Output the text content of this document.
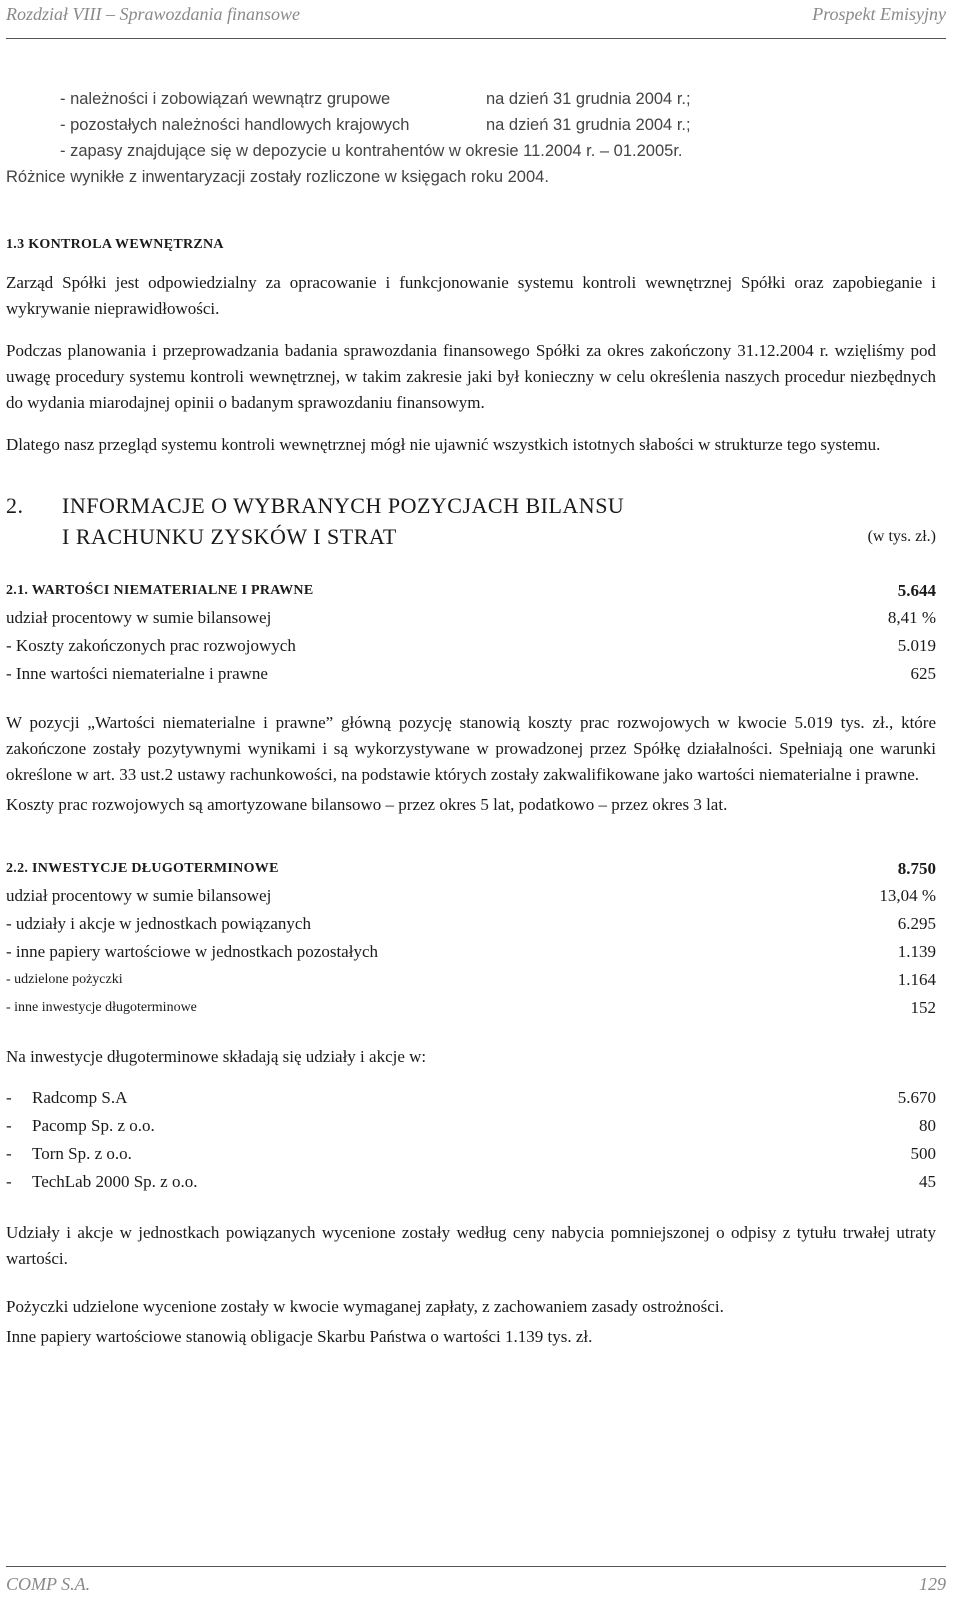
Rozdział VIII – Sprawozdania finansowe	Prospekt Emisyjny
- należności i zobowiązań wewnątrz grupowe	na dzień 31 grudnia 2004 r.;
- pozostałych należności handlowych krajowych	na dzień 31 grudnia 2004 r.;
- zapasy znajdujące się w depozycie u kontrahentów w okresie 11.2004 r. – 01.2005r.
Różnice wynikłe z inwentaryzacji zostały rozliczone w księgach roku 2004.
1.3 KONTROLA WEWNĘTRZNA
Zarząd Spółki jest odpowiedzialny za opracowanie i funkcjonowanie systemu kontroli wewnętrznej Spółki oraz zapobieganie i wykrywanie nieprawidłowości.
Podczas planowania i przeprowadzania badania sprawozdania finansowego Spółki za okres zakończony 31.12.2004 r. wzięliśmy pod uwagę procedury systemu kontroli wewnętrznej, w takim zakresie jaki był konieczny w celu określenia naszych procedur niezbędnych do wydania miarodajnej opinii o badanym sprawozdaniu finansowym.
Dlatego nasz przegląd systemu kontroli wewnętrznej mógł nie ujawnić wszystkich istotnych słabości w strukturze tego systemu.
2. INFORMACJE O WYBRANYCH POZYCJACH BILANSU
I RACHUNKU ZYSKÓW I STRAT	(w tys. zł.)
2.1. WARTOŚCI NIEMATERIALNE I PRAWNE	5.644
udział procentowy w sumie bilansowej	8,41 %
- Koszty zakończonych prac rozwojowych	5.019
- Inne wartości niematerialne i prawne	625
W pozycji „Wartości niematerialne i prawne” główną pozycję stanowią koszty prac rozwojowych w kwocie 5.019 tys. zł., które zakończone zostały pozytywnymi wynikami i są wykorzystywane w prowadzonej przez Spółkę działalności. Spełniają one warunki określone w art. 33 ust.2 ustawy rachunkowości, na podstawie których zostały zakwalifikowane jako wartości niematerialne i prawne.
Koszty prac rozwojowych są amortyzowane bilansowo – przez okres 5 lat, podatkowo – przez okres 3 lat.
2.2. INWESTYCJE DŁUGOTERMINOWE	8.750
udział procentowy w sumie bilansowej	13,04 %
- udziały i akcje w jednostkach powiązanych	6.295
- inne papiery wartościowe w jednostkach pozostałych	1.139
- udzielone pożyczki	1.164
- inne inwestycje długoterminowe	152
Na inwestycje długoterminowe składają się udziały i akcje w:
- Radcomp S.A	5.670
- Pacomp Sp. z o.o.	80
- Torn Sp. z o.o.	500
- TechLab 2000 Sp. z o.o.	45
Udziały i akcje w jednostkach powiązanych wycenione zostały według ceny nabycia pomniejszonej o odpisy z tytułu trwałej utraty wartości.
Pożyczki udzielone wycenione zostały w kwocie wymaganej zapłaty, z zachowaniem zasady ostrożności.
Inne papiery wartościowe stanowią obligacje Skarbu Państwa o wartości 1.139 tys. zł.
COMP S.A.	129
